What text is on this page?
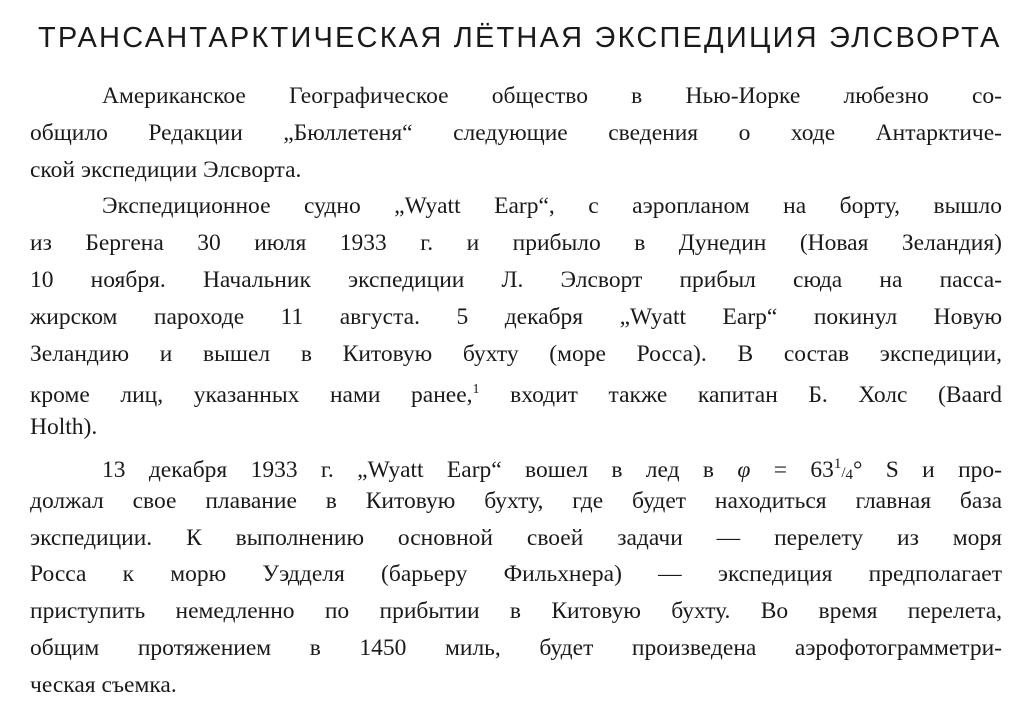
ТРАНСАНТАРКТИЧЕСКАЯ ЛЁТНАЯ ЭКСПЕДИЦИЯ ЭЛСВОРТА
Американское Географическое общество в Нью-Иорке любезно со-
общило Редакции „Бюллетеня“ следующие сведения о ходе Антарктиче-
ской экспедиции Элсворта.
Экспедиционное судно „Wyatt Earp“, с аэропланом на борту, вышло
из Бергена 30 июля 1933 г. и прибыло в Дунедин (Новая Зеландия)
10 ноября. Начальник экспедиции Л. Элсворт прибыл сюда на пасса-
жирском пароходе 11 августа. 5 декабря „Wyatt Earp“ покинул Новую
Зеландию и вышел в Китовую бухту (море Росса). В состав экспедиции,
кроме лиц, указанных нами ранее,$^1$ входит также капитан Б. Холс (Baard
Holth).
13 декабря 1933 г. „Wyatt Earp“ вошел в лед в $\varphi = 63^1/4^\circ$ S и про-
должал свое плавание в Китовую бухту, где будет находиться главная база
экспедиции. К выполнению основной своей задачи — перелету из моря
Росса к морю Уэдделя (барьеру Фильхнера) — экспедиция предполагает
приступить немедленно по прибытии в Китовую бухту. Во время перелета,
общим протяжением в 1450 миль, будет произведена аэрофотограмметри-
ческая съемка.
